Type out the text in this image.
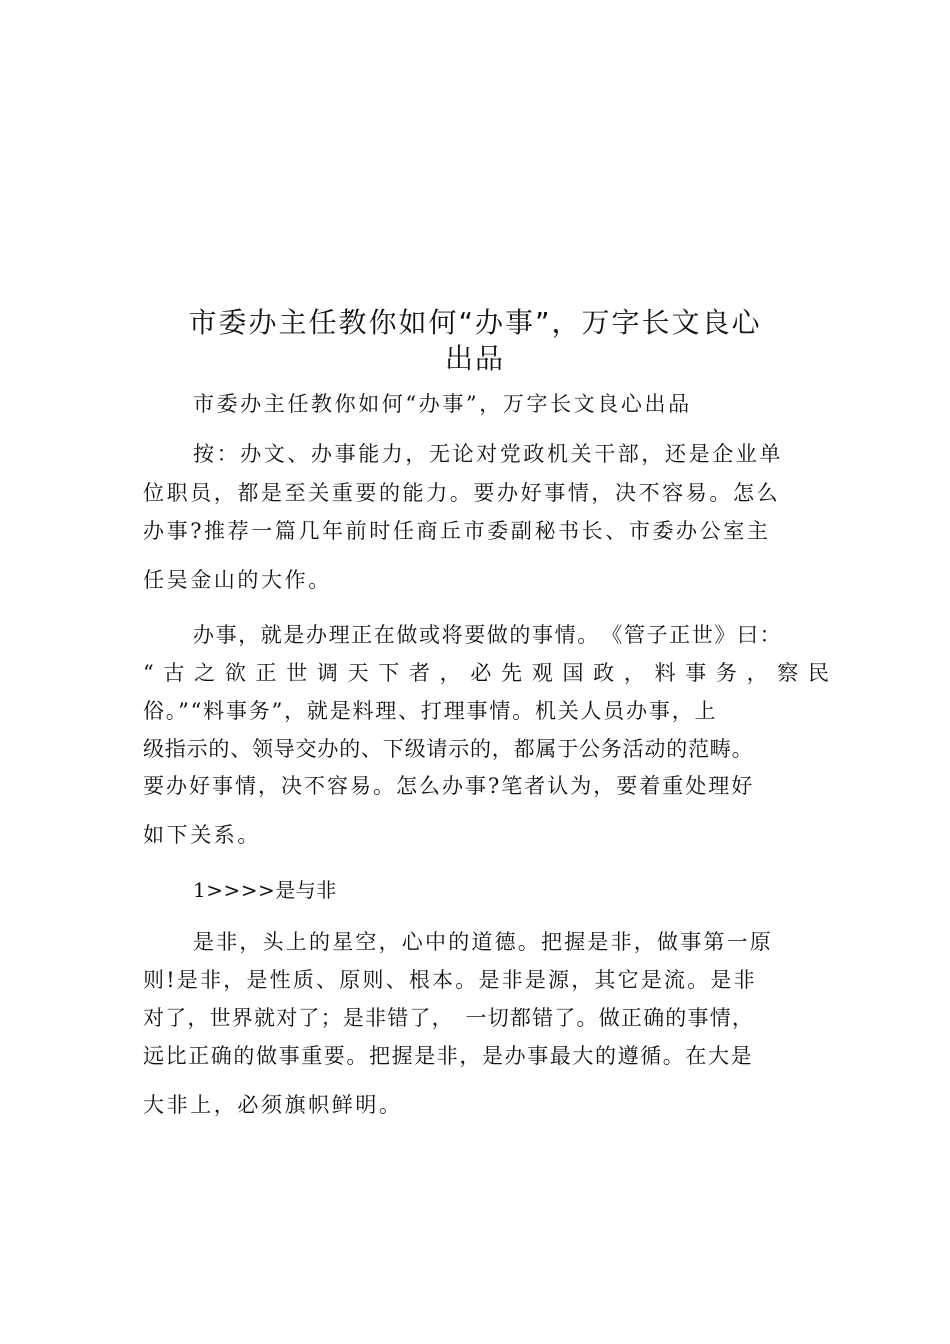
市委办主任教你如何“办事”，万字长文良心
出品

市委办主任教你如何“办事”，万字长文良心出品

按：办文、办事能力，无论对党政机关干部，还是企业单

位职员，都是至关重要的能力。要办好事情，决不容易。怎么

办事?推荐一篇几年前时任商丘市委副秘书长、市委办公室主

任吴金山的大作。

办事，就是办理正在做或将要做的事情。　《管子正世》曰：

“古之欲正世调天下者，必先观国政，料事务，察民

俗。”“料事务”，就是料理、打理事情。机关人员办事，上

级指示的、领导交办的、下级请示的，都属于公务活动的范畴。

要办好事情，决不容易。怎么办事?笔者认为，要着重处理好

如下关系。

1>>>>是与非

是非，头上的星空，心中的道德。把握是非，做事第一原

则!是非，是性质、原则、根本。是非是源，其它是流。是非

对了，世界就对了；是非错了，　一切都错了。做正确的事情，

远比正确的做事重要。把握是非，是办事最大的遵循。在大是

大非上，必须旗帜鲜明。
